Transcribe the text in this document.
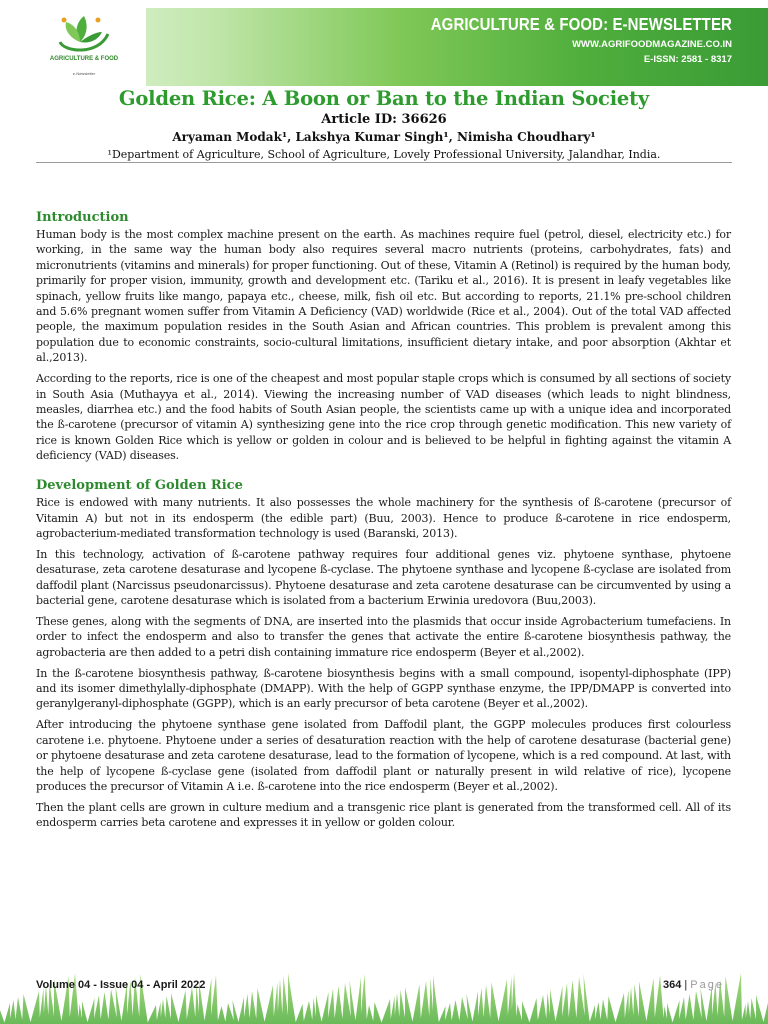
AGRICULTURE & FOOD
e-Newsletter
AGRICULTURE & FOOD: E-NEWSLETTER
WWW.AGRIFOODMAGAZINE.CO.IN
E-ISSN: 2581 - 8317
Golden Rice: A Boon or Ban to the Indian Society
Article ID: 36626
Aryaman Modak¹, Lakshya Kumar Singh¹, Nimisha Choudhary¹
¹Department of Agriculture, School of Agriculture, Lovely Professional University, Jalandhar, India.
Introduction

Human body is the most complex machine present on the earth. As machines require fuel (petrol, diesel, electricity etc.) for working, in the same way the human body also requires several macro nutrients (proteins, carbohydrates, fats) and micronutrients (vitamins and minerals) for proper functioning. Out of these, Vitamin A (Retinol) is required by the human body, primarily for proper vision, immunity, growth and development etc. (Tariku et al., 2016). It is present in leafy vegetables like spinach, yellow fruits like mango, papaya etc., cheese, milk, fish oil etc. But according to reports, 21.1% pre-school children and 5.6% pregnant women suffer from Vitamin A Deficiency (VAD) worldwide (Rice et al., 2004). Out of the total VAD affected people, the maximum population resides in the South Asian and African countries. This problem is prevalent among this population due to economic constraints, socio-cultural limitations, insufficient dietary intake, and poor absorption (Akhtar et al.,2013).

According to the reports, rice is one of the cheapest and most popular staple crops which is consumed by all sections of society in South Asia (Muthayya et al., 2014). Viewing the increasing number of VAD diseases (which leads to night blindness, measles, diarrhea etc.) and the food habits of South Asian people, the scientists came up with a unique idea and incorporated the ß-carotene (precursor of vitamin A) synthesizing gene into the rice crop through genetic modification. This new variety of rice is known Golden Rice which is yellow or golden in colour and is believed to be helpful in fighting against the vitamin A deficiency (VAD) diseases.

Development of Golden Rice

Rice is endowed with many nutrients. It also possesses the whole machinery for the synthesis of ß-carotene (precursor of Vitamin A) but not in its endosperm (the edible part) (Buu, 2003). Hence to produce ß-carotene in rice endosperm, agrobacterium-mediated transformation technology is used (Baranski, 2013).

In this technology, activation of ß-carotene pathway requires four additional genes viz. phytoene synthase, phytoene desaturase, zeta carotene desaturase and lycopene ß-cyclase. The phytoene synthase and lycopene ß-cyclase are isolated from daffodil plant (Narcissus pseudonarcissus). Phytoene desaturase and zeta carotene desaturase can be circumvented by using a bacterial gene, carotene desaturase which is isolated from a bacterium Erwinia uredovora (Buu,2003).

These genes, along with the segments of DNA, are inserted into the plasmids that occur inside Agrobacterium tumefaciens. In order to infect the endosperm and also to transfer the genes that activate the entire ß-carotene biosynthesis pathway, the agrobacteria are then added to a petri dish containing immature rice endosperm (Beyer et al.,2002).

In the ß-carotene biosynthesis pathway, ß-carotene biosynthesis begins with a small compound, isopentyl-diphosphate (IPP) and its isomer dimethylally-diphosphate (DMAPP). With the help of GGPP synthase enzyme, the IPP/DMAPP is converted into geranylgeranyl-diphosphate (GGPP), which is an early precursor of beta carotene (Beyer et al.,2002).

After introducing the phytoene synthase gene isolated from Daffodil plant, the GGPP molecules produces first colourless carotene i.e. phytoene. Phytoene under a series of desaturation reaction with the help of carotene desaturase (bacterial gene) or phytoene desaturase and zeta carotene desaturase, lead to the formation of lycopene, which is a red compound. At last, with the help of lycopene ß-cyclase gene (isolated from daffodil plant or naturally present in wild relative of rice), lycopene produces the precursor of Vitamin A i.e. ß-carotene into the rice endosperm (Beyer et al.,2002).

Then the plant cells are grown in culture medium and a transgenic rice plant is generated from the transformed cell. All of its endosperm carries beta carotene and expresses it in yellow or golden colour.

Volume 04 - Issue 04 - April 2022	364 | Page
